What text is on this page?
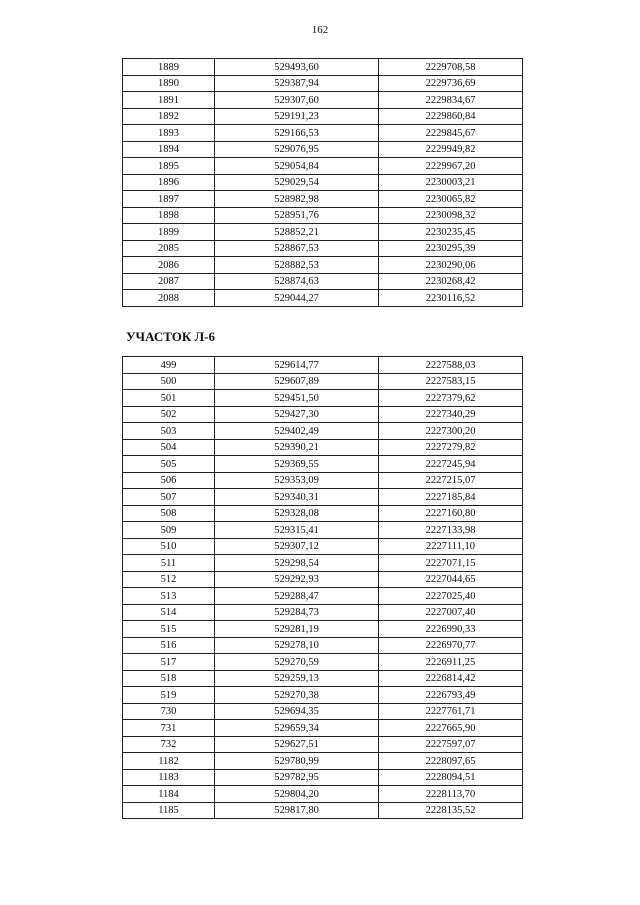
162
1889	529493,60	2229708,58
1890	529387,94	2229736,69
1891	529307,60	2229834,67
1892	529191,23	2229860,84
1893	529166,53	2229845,67
1894	529076,95	2229949,82
1895	529054,84	2229967,20
1896	529029,54	2230003,21
1897	528982,98	2230065,82
1898	528951,76	2230098,32
1899	528852,21	2230235,45
2085	528867,53	2230295,39
2086	528882,53	2230290,06
2087	528874,63	2230268,42
2088	529044,27	2230116,52
УЧАСТОК Л-6
499	529614,77	2227588,03
500	529607,89	2227583,15
501	529451,50	2227379,62
502	529427,30	2227340,29
503	529402,49	2227300,20
504	529390,21	2227279,82
505	529369,55	2227245,94
506	529353,09	2227215,07
507	529340,31	2227185,84
508	529328,08	2227160,80
509	529315,41	2227133,98
510	529307,12	2227111,10
511	529298,54	2227071,15
512	529292,93	2227044,65
513	529288,47	2227025,40
514	529284,73	2227007,40
515	529281,19	2226990,33
516	529278,10	2226970,77
517	529270,59	2226911,25
518	529259,13	2226814,42
519	529270,38	2226793,49
730	529694,35	2227761,71
731	529659,34	2227665,90
732	529627,51	2227597,07
1182	529780,99	2228097,65
1183	529782,95	2228094,51
1184	529804,20	2228113,70
1185	529817,80	2228135,52
